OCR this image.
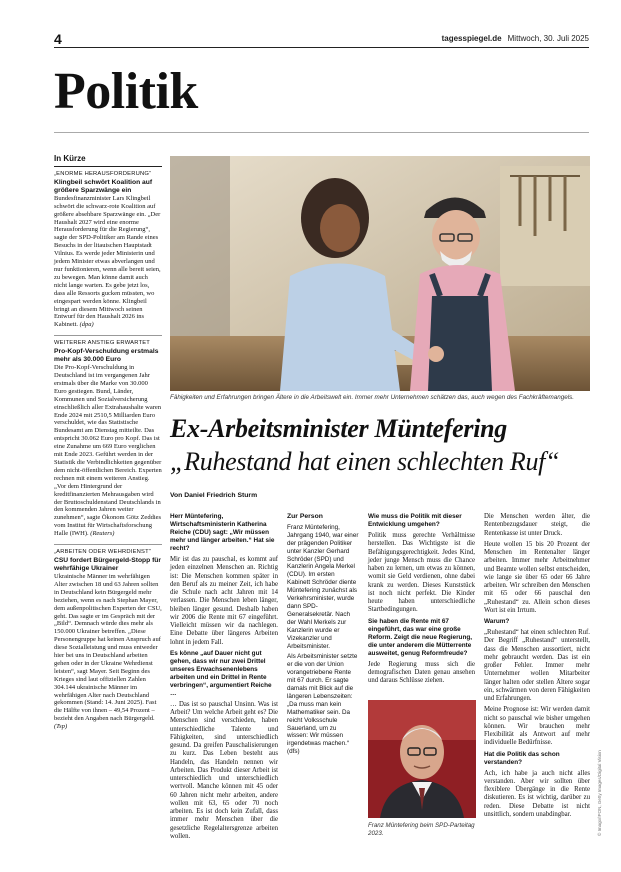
4	tagesspiegel.de Mittwoch, 30. Juli 2025
Politik
In Kürze
„ENORME HERAUSFORDERUNG“
Klingbeil schwört Koalition auf größere Sparzwänge ein
Bundesfinanzminister Lars Klingbeil schwört die schwarz-rote Koalition auf größere absehbare Sparzwänge ein. „Der Haushalt 2027 wird eine enorme Herausforderung für die Regierung“, sagte der SPD-Politiker am Rande eines Besuchs in der litauischen Hauptstadt Vilnius. Es werde jeder Ministerin und jedem Minister etwas abverlangen und nur funktionieren, wenn alle bereit seien, zu bewegen. Man könne damit auch nicht lange warten. Es gebe jetzt los, dass alle Ressorts gucken müssten, wo eingespart werden könne. Klingbeil bringt an diesem Mittwoch seinen Entwurf für den Haushalt 2026 ins Kabinett. (dpa)
WEITERER ANSTIEG ERWARTET
Pro-Kopf-Verschuldung erstmals mehr als 30.000 Euro
Die Pro-Kopf-Verschuldung in Deutschland ist im vergangenen Jahr erstmals über die Marke von 30.000 Euro gestiegen. Bund, Länder, Kommunen und Sozialversicherung einschließlich aller Extrahaushalte waren Ende 2024 mit 2510,5 Milliarden Euro verschuldet, wie das Statistische Bundesamt am Dienstag mitteilte. Das entspricht 30.062 Euro pro Kopf. Das ist eine Zunahme um 669 Euro verglichen mit Ende 2023. Geführt werden in der Statistik die Verbindlichkeiten gegenüber dem nicht-öffentlichen Bereich. Experten rechnen mit einem weiteren Anstieg. „Vor dem Hintergrund der kreditfinanzierten Mehrausgaben wird der Bruttoschuldenstand Deutschlands in den kommenden Jahren weiter zunehmen“, sagte Ökonom Götz Zeddies vom Institut für Wirtschaftsforschung Halle (IWH). (Reuters)
„ARBEITEN ODER WEHRDIENST“
CSU fordert Bürgergeld-Stopp für wehrfähige Ukrainer
Ukrainische Männer im wehrfähigen Alter zwischen 18 und 63 Jahren sollten in Deutschland kein Bürgergeld mehr beziehen, wenn es nach Stephan Mayer, dem außenpolitischen Experten der CSU, geht. Das sagte er im Gespräch mit der „Bild“. Demnach würde dies mehr als 150.000 Ukrainer betreffen. „Diese Personengruppe hat keinen Anspruch auf diese Sozialleistung und muss entweder hier bei uns in Deutschland arbeiten gehen oder in der Ukraine Wehrdienst leisten“, sagt Mayer. Seit Beginn des Krieges sind laut offiziellen Zahlen 304.144 ukrainische Männer im wehrfähigen Alter nach Deutschland gekommen (Stand: 14. Juni 2025). Fast die Hälfte von ihnen – 49,54 Prozent – bezieht den Angaben nach Bürgergeld. (Tsp)
Fähigkeiten und Erfahrungen bringen Ältere in die Arbeitswelt ein. Immer mehr Unternehmen schätzen das, auch wegen des Fachkräftemangels.
Ex-Arbeitsminister Müntefering
„Ruhestand hat einen schlechten Ruf“
Von Daniel Friedrich Sturm

Herr Müntefering, Wirtschaftsministerin Katherina Reiche (CDU) sagt: „Wir müssen mehr und länger arbeiten.“ Hat sie recht?

Mir ist das zu pauschal, es kommt auf jeden einzelnen Menschen an. Richtig ist: Die Menschen kommen später in den Beruf als zu meiner Zeit, ich habe die Schule nach acht Jahren mit 14 verlassen. Die Menschen leben länger, bleiben länger gesund. Deshalb haben wir 2006 die Rente mit 67 eingeführt. Vielleicht müssen wir da nachlegen. Eine Debatte über längeres Arbeiten lohnt in jedem Fall.

Es könne „auf Dauer nicht gut gehen, dass wir nur zwei Drittel unseres Erwachsenenlebens arbeiten und ein Drittel in Rente verbringen“, argumentiert Reiche …

… Das ist so pauschal Unsinn. Was ist Arbeit? Um welche Arbeit geht es? Die Menschen sind verschieden, haben unterschiedliche Talente und Fähigkeiten, sind unterschiedlich gesund. Da greifen Pauschalisierungen zu kurz. Das Leben besteht aus Handeln, das Handeln nennen wir Arbeiten. Das Produkt dieser Arbeit ist unterschiedlich und unterschiedlich wertvoll. Manche können mit 45 oder 60 Jahren nicht mehr arbeiten, andere wollen mit 63, 65 oder 70 noch arbeiten. Es ist doch kein Zufall, dass immer mehr Menschen über die gesetzliche Regelaltersgrenze arbeiten wollen.

Zur Person

Franz Müntefering, Jahrgang 1940, war einer der prägenden Politiker unter Kanzler Gerhard Schröder (SPD) und Kanzlerin Angela Merkel (CDU). Im ersten Kabinett Schröder diente Müntefering zunächst als Verkehrsminister, wurde dann SPD-Generalsekretär. Nach der Wahl Merkels zur Kanzlerin wurde er Vizekanzler und Arbeitsminister.

Als Arbeitsminister setzte er die von der Union vorangetriebene Rente mit 67 durch. Er sagte damals mit Blick auf die längeren Lebenszeiten: „Da muss man kein Mathematiker sein. Da reicht Volksschule Sauerland, um zu wissen: Wir müssen irgendetwas machen.“ (dfs)

Wie muss die Politik mit dieser Entwicklung umgehen?

Politik muss gerechte Verhältnisse herstellen. Das Wichtigste ist die Befähigungsgerechtigkeit. Jedes Kind, jeder junge Mensch muss die Chance haben zu lernen, um etwas zu können, womit sie Geld verdienen, ohne dabei krank zu werden. Dieses Kunststück ist noch nicht perfekt. Die Kinder heute haben unterschiedliche Startbedingungen.

Sie haben die Rente mit 67 eingeführt, das war eine große Reform. Zeigt die neue Regierung, die unter anderem die Mütterrente ausweitet, genug Reformfreude?

Jede Regierung muss sich die demografischen Daten genau ansehen und daraus Schlüsse ziehen.

Franz Müntefering beim SPD-Parteitag 2023.

Die Menschen werden älter, die Rentenbezugsdauer steigt, die Rentenkasse ist unter Druck.

Heute wollen 15 bis 20 Prozent der Menschen im Rentenalter länger arbeiten. Immer mehr Arbeitnehmer und Beamte wollen selbst entscheiden, wie lange sie über 65 oder 66 Jahre arbeiten. Wir schreiben den Menschen mit 65 oder 66 pauschal den „Ruhestand“ zu. Allein schon dieses Wort ist ein Irrtum.

Warum?

„Ruhestand“ hat einen schlechten Ruf. Der Begriff „Ruhestand“ unterstellt, dass die Menschen aussortiert, nicht mehr gebraucht werden. Das ist ein großer Fehler. Immer mehr Unternehmer wollen Mitarbeiter länger halten oder stellen Ältere sogar ein, schwärmen von deren Fähigkeiten und Erfahrungen.

Meine Prognose ist: Wir werden damit nicht so pauschal wie bisher umgehen können. Wir brauchen mehr Flexibilität als Antwort auf mehr individuelle Bedürfnisse.

Hat die Politik das schon verstanden?

Ach, ich habe ja auch nicht alles verstanden. Aber wir sollten über flexiblere Übergänge in die Rente diskutieren. Es ist wichtig, darüber zu reden. Diese Debatte ist nicht unsittlich, sondern unabdingbar.	© Imago/IPON, Getty Images/Digital Vision
